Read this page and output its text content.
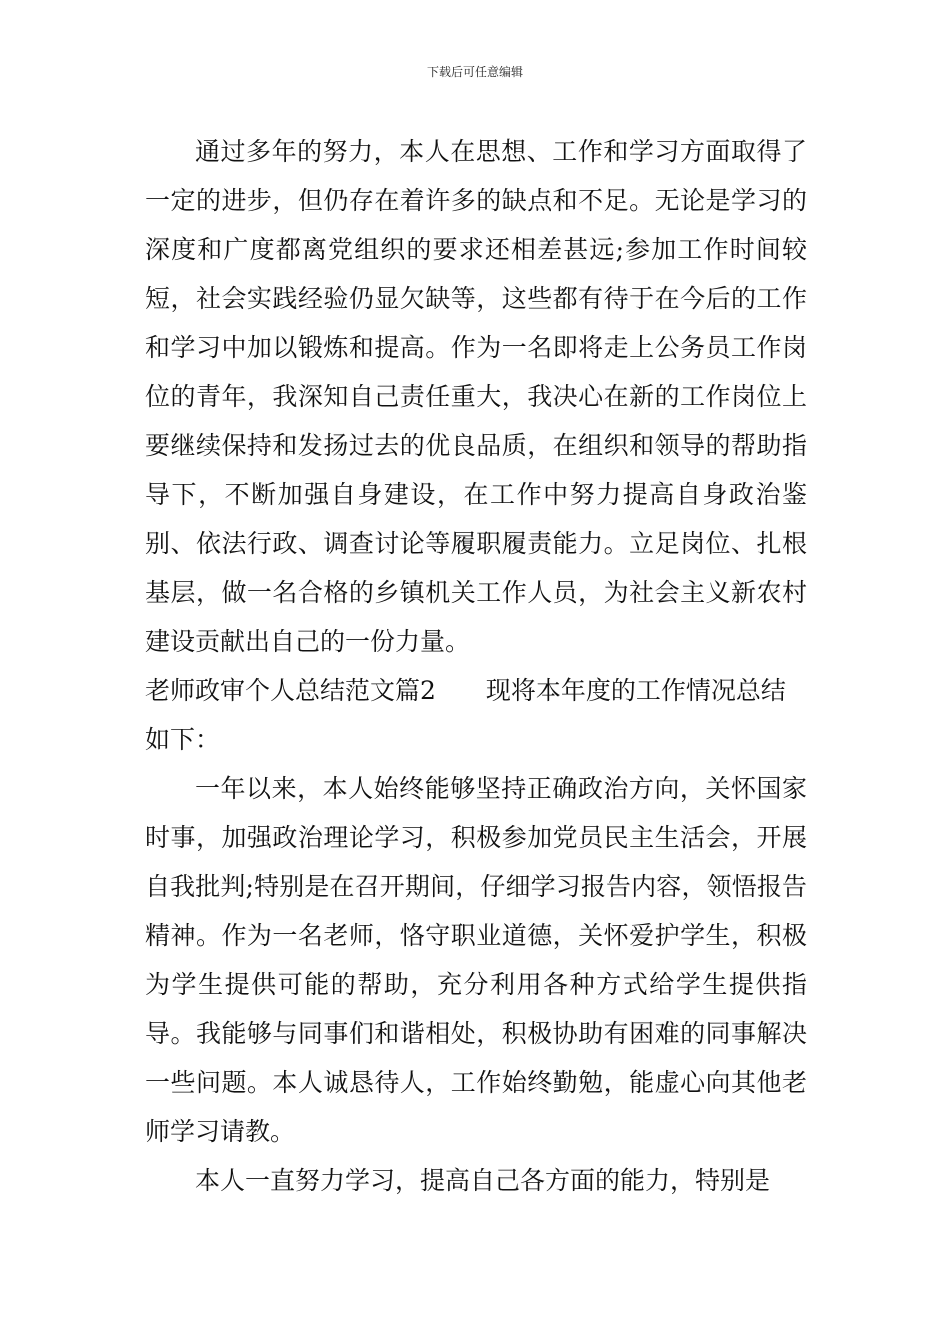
下载后可任意编辑

通过多年的努力，本人在思想、工作和学习方面取得了一定的进步，但仍存在着许多的缺点和不足。无论是学习的深度和广度都离党组织的要求还相差甚远;参加工作时间较短，社会实践经验仍显欠缺等，这些都有待于在今后的工作和学习中加以锻炼和提高。作为一名即将走上公务员工作岗位的青年，我深知自己责任重大，我决心在新的工作岗位上要继续保持和发扬过去的优良品质，在组织和领导的帮助指导下，不断加强自身建设，在工作中努力提高自身政治鉴别、依法行政、调查讨论等履职履责能力。立足岗位、扎根基层，做一名合格的乡镇机关工作人员，为社会主义新农村建设贡献出自己的一份力量。

老师政审个人总结范文篇2 现将本年度的工作情况总结

如下：

一年以来，本人始终能够坚持正确政治方向，关怀国家时事，加强政治理论学习，积极参加党员民主生活会，开展自我批判;特别是在召开期间，仔细学习报告内容，领悟报告精神。作为一名老师，恪守职业道德，关怀爱护学生，积极为学生提供可能的帮助，充分利用各种方式给学生提供指导。我能够与同事们和谐相处，积极协助有困难的同事解决一些问题。本人诚恳待人，工作始终勤勉，能虚心向其他老师学习请教。

本人一直努力学习，提高自己各方面的能力，特别是
